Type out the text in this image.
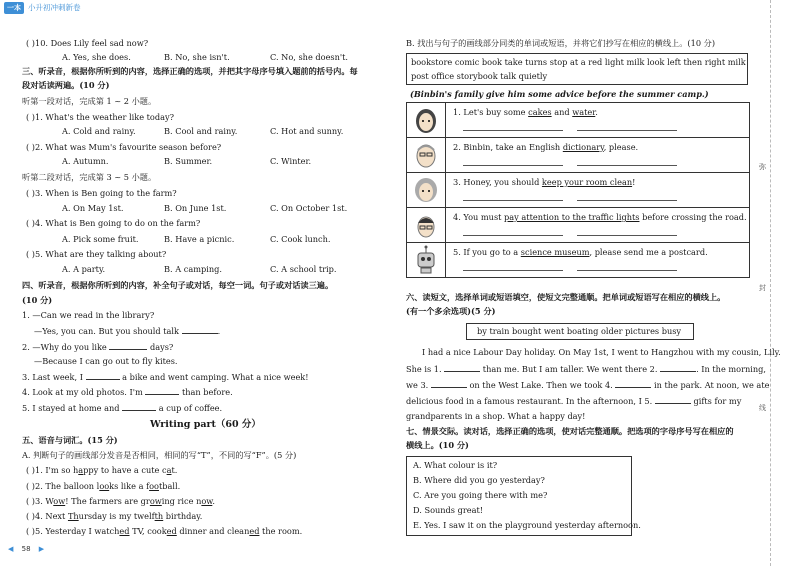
一本 小升初冲刺新卷
( )10. Does Lily feel sad now?
A. Yes, she does.	B. No, she isn't.	C. No, she doesn't.
三、听录音，根据你所听到的内容，选择正确的选项，并把其字母序号填入题前的括号内。每
段对话读两遍。(10 分)
听第一段对话，完成第 1 ~ 2 小题。
( )1. What's the weather like today?
A. Cold and rainy.	B. Cool and rainy.	C. Hot and sunny.
( )2. What was Mum's favourite season before?
A. Autumn.	B. Summer.	C. Winter.
听第二段对话，完成第 3 ~ 5 小题。
( )3. When is Ben going to the farm?
A. On May 1st.	B. On June 1st.	C. On October 1st.
( )4. What is Ben going to do on the farm?
A. Pick some fruit.	B. Have a picnic.	C. Cook lunch.
( )5. What are they talking about?
A. A party.	B. A camping.	C. A school trip.
四、听录音，根据你所听到的内容，补全句子或对话，每空一词。句子或对话读三遍。
(10 分)
1. —Can we read in the library?
—Yes, you can. But you should talk	.
2. —Why do you like	days?
—Because I can go out to fly kites.
3. Last week, I	a bike and went camping. What a nice week!
4. Look at my old photos. I'm	than before.
5. I stayed at home and	a cup of coffee.
Writing part（60 分）
五、语音与词汇。(15 分)
A. 判断句子的画线部分发音是否相同，相同的写“T”，不同的写“F”。(5 分)
( )1. I'm so happy to have a cute cat.
( )2. The balloon looks like a football.
( )3. Wow! The farmers are growing rice now.
( )4. Next Thursday is my twelfth birthday.
( )5. Yesterday I watched TV, cooked dinner and cleaned the room.
B. 找出与句子的画线部分同类的单词或短语，并将它们抄写在相应的横线上。(10 分)
bookstore comic book take turns stop at a red light milk look left then right milk
post office storybook talk quietly
(Binbin's family give him some advice before the summer camp.)
1. Let's buy some cakes and water.
2. Binbin, take an English dictionary, please.
3. Honey, you should keep your room clean!
4. You must pay attention to the traffic lights before crossing the road.
5. If you go to a science museum, please send me a postcard.
六、读短文，选择单词或短语填空，使短文完整通顺。把单词或短语写在相应的横线上。
(有一个多余选项)(5 分)
by train bought went boating older pictures busy
I had a nice Labour Day holiday. On May 1st, I went to Hangzhou with my cousin, Lily.
She is 1.	than me. But I am taller. We went there 2.	. In the morning,
we 3.	on the West Lake. Then we took 4.	in the park. At noon, we ate
delicious food in a famous restaurant. In the afternoon, I 5.	gifts for my
grandparents in a shop. What a happy day!
七、情景交际。读对话，选择正确的选项，使对话完整通顺。把选项的字母序号写在相应的
横线上。(10 分)
A. What colour is it?
B. Where did you go yesterday?
C. Are you going there with me?
D. Sounds great!
E. Yes. I saw it on the playground yesterday afternoon.
弥
封
线
◀ 58 ▶
